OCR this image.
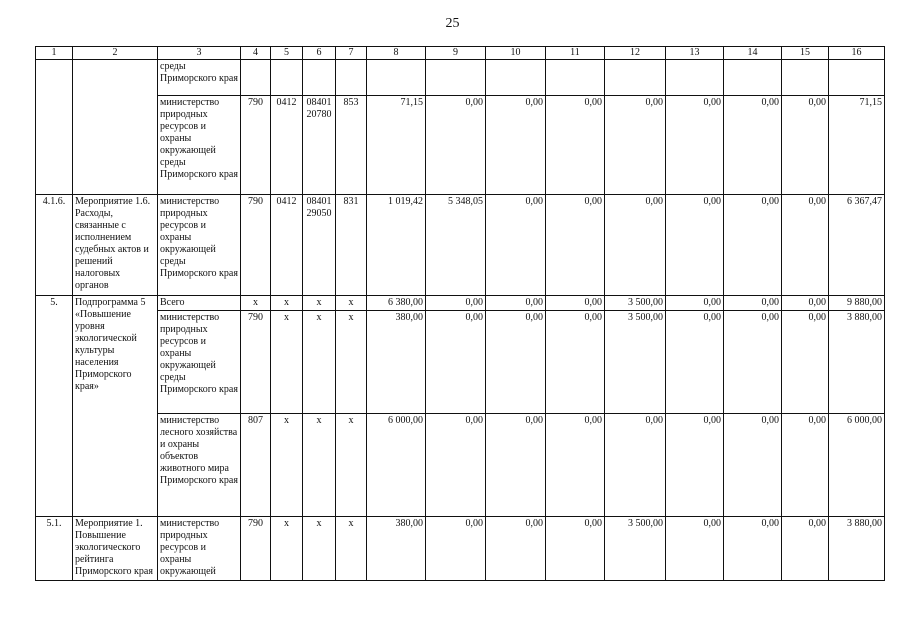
25
1	2	3	4	5	6	7	8	9	10	11	12	13	14	15	16
		среды Приморского края													
		министерство природных ресурсов и охраны окружающей среды Приморского края	790	0412	08401 20780	853	71,15	0,00	0,00	0,00	0,00	0,00	0,00	0,00	71,15
4.1.6.	Мероприятие 1.6. Расходы, связанные с исполнением судебных актов и решений налоговых органов	министерство природных ресурсов и охраны окружающей среды Приморского края	790	0412	08401 29050	831	1 019,42	5 348,05	0,00	0,00	0,00	0,00	0,00	0,00	6 367,47
5.	Подпрограмма 5 «Повышение уровня экологической культуры населения Приморского края»	Всего	x	x	x	x	6 380,00	0,00	0,00	0,00	3 500,00	0,00	0,00	0,00	9 880,00
		министерство природных ресурсов и охраны окружающей среды Приморского края	790	x	x	x	380,00	0,00	0,00	0,00	3 500,00	0,00	0,00	0,00	3 880,00
		министерство лесного хозяйства и охраны объектов животного мира Приморского края	807	x	x	x	6 000,00	0,00	0,00	0,00	0,00	0,00	0,00	0,00	6 000,00
5.1.	Мероприятие 1. Повышение экологического рейтинга Приморского края	министерство природных ресурсов и охраны окружающей	790	x	x	x	380,00	0,00	0,00	0,00	3 500,00	0,00	0,00	0,00	3 880,00
